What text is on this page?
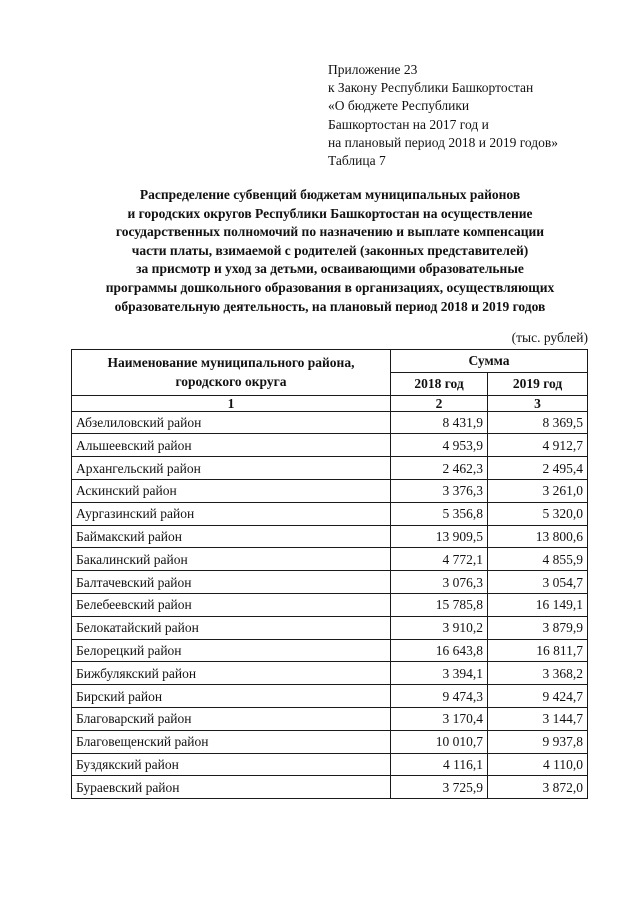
Приложение 23
к Закону Республики Башкортостан
«О бюджете Республики
Башкортостан на 2017 год и
на плановый период 2018 и 2019 годов»
Таблица 7
Распределение субвенций бюджетам муниципальных районов
и городских округов Республики Башкортостан на осуществление
государственных полномочий по назначению и выплате компенсации
части платы, взимаемой с родителей (законных представителей)
за присмотр и уход за детьми, осваивающими образовательные
программы дошкольного образования в организациях, осуществляющих
образовательную деятельность, на плановый период 2018 и 2019 годов
(тыс. рублей)
Наименование муниципального района,
городского округа	Сумма	
	2018 год	2019 год
1	2	3
Абзелиловский район	8 431,9	8 369,5
Альшеевский район	4 953,9	4 912,7
Архангельский район	2 462,3	2 495,4
Аскинский район	3 376,3	3 261,0
Аургазинский район	5 356,8	5 320,0
Баймакский район	13 909,5	13 800,6
Бакалинский район	4 772,1	4 855,9
Балтачевский район	3 076,3	3 054,7
Белебеевский район	15 785,8	16 149,1
Белокатайский район	3 910,2	3 879,9
Белорецкий район	16 643,8	16 811,7
Бижбулякский район	3 394,1	3 368,2
Бирский район	9 474,3	9 424,7
Благоварский район	3 170,4	3 144,7
Благовещенский район	10 010,7	9 937,8
Буздякский район	4 116,1	4 110,0
Бураевский район	3 725,9	3 872,0
